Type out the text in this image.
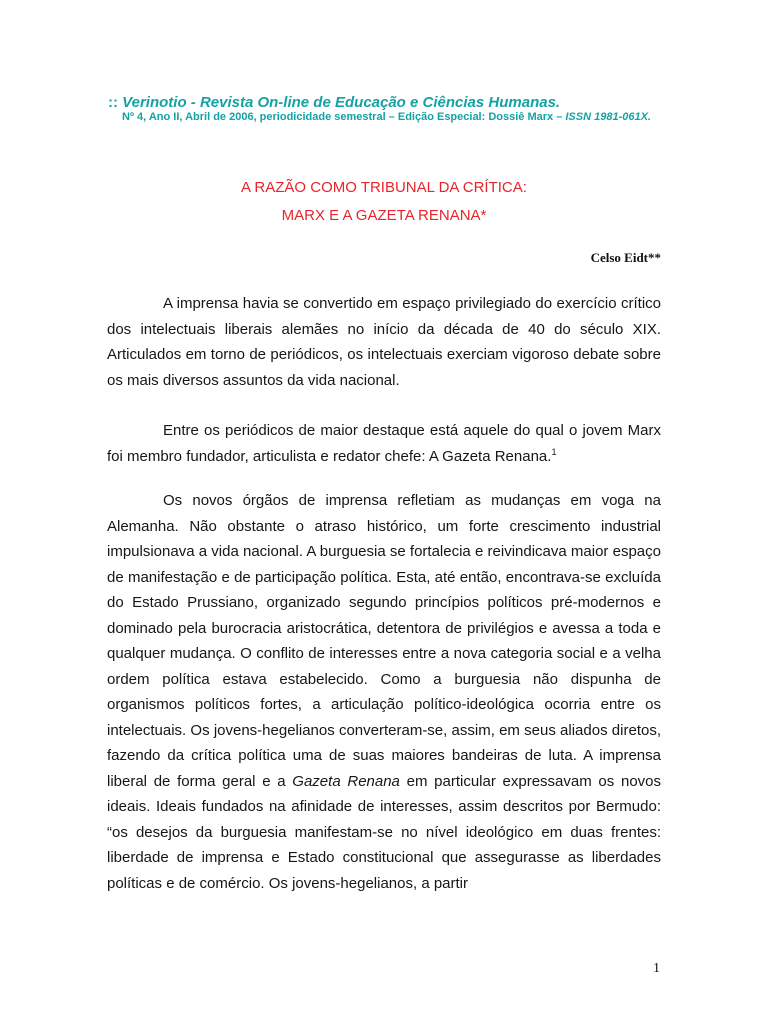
:: Verinotio - Revista On-line de Educação e Ciências Humanas.
Nº 4, Ano II, Abril de 2006, periodicidade semestral – Edição Especial: Dossiê Marx – ISSN 1981-061X.
A RAZÃO COMO TRIBUNAL DA CRÍTICA:
MARX E A GAZETA RENANA*
Celso Eidt**
A imprensa havia se convertido em espaço privilegiado do exercício crítico dos intelectuais liberais alemães no início da década de 40 do século XIX. Articulados em torno de periódicos, os intelectuais exerciam vigoroso debate sobre os mais diversos assuntos da vida nacional.
Entre os periódicos de maior destaque está aquele do qual o jovem Marx foi membro fundador, articulista e redator chefe: A Gazeta Renana.$^1$
Os novos órgãos de imprensa refletiam as mudanças em voga na Alemanha. Não obstante o atraso histórico, um forte crescimento industrial impulsionava a vida nacional. A burguesia se fortalecia e reivindicava maior espaço de manifestação e de participação política. Esta, até então, encontrava-se excluída do Estado Prussiano, organizado segundo princípios políticos pré-modernos e dominado pela burocracia aristocrática, detentora de privilégios e avessa a toda e qualquer mudança. O conflito de interesses entre a nova categoria social e a velha ordem política estava estabelecido. Como a burguesia não dispunha de organismos políticos fortes, a articulação político-ideológica ocorria entre os intelectuais. Os jovens-hegelianos converteram-se, assim, em seus aliados diretos, fazendo da crítica política uma de suas maiores bandeiras de luta. A imprensa liberal de forma geral e a Gazeta Renana em particular expressavam os novos ideais. Ideais fundados na afinidade de interesses, assim descritos por Bermudo: “os desejos da burguesia manifestam-se no nível ideológico em duas frentes: liberdade de imprensa e Estado constitucional que assegurasse as liberdades políticas e de comércio. Os jovens-hegelianos, a partir
1
